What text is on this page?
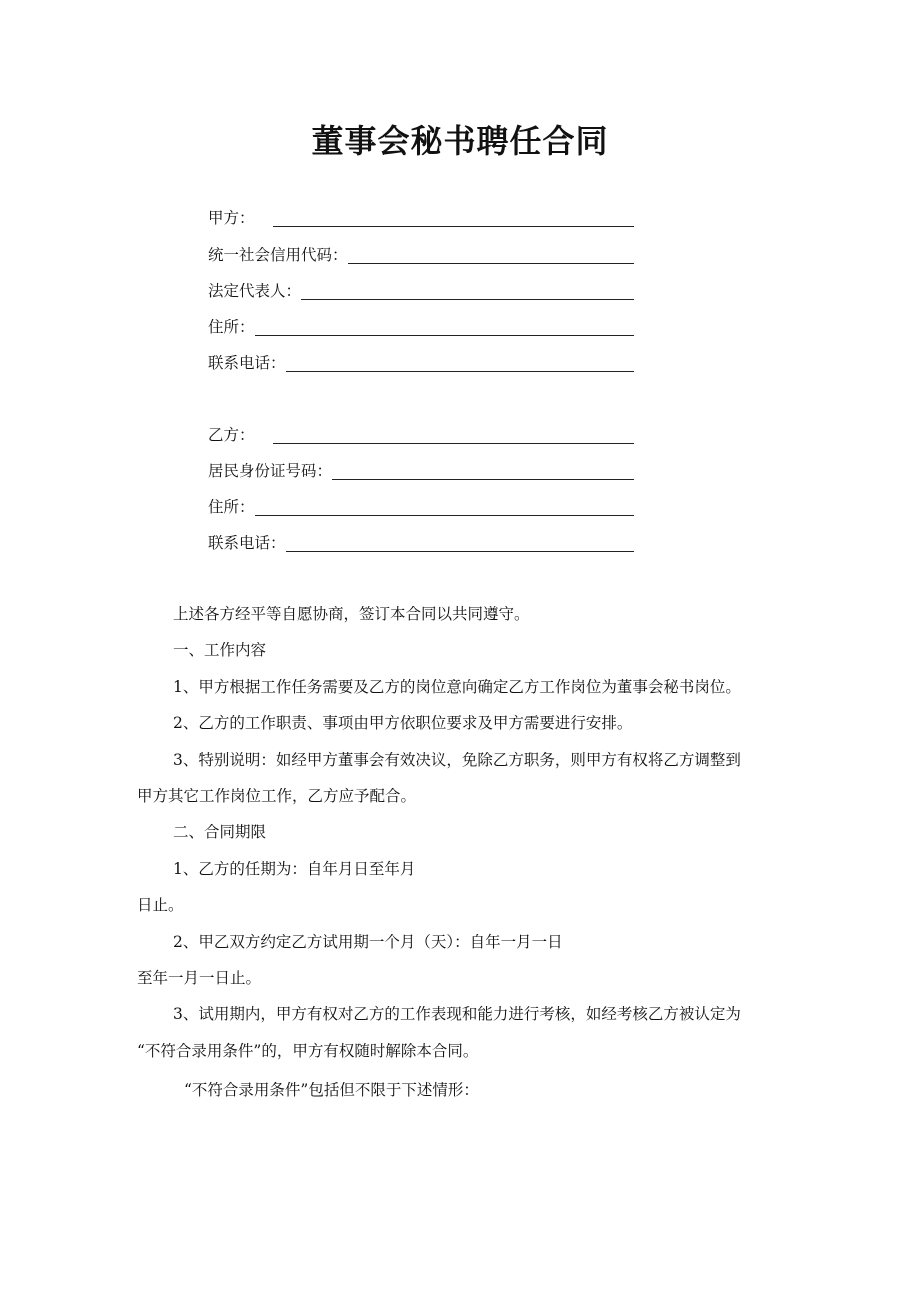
董事会秘书聘任合同
甲方：
统一社会信用代码：
法定代表人：
住所：
联系电话：
乙方：
居民身份证号码：
住所：
联系电话：
上述各方经平等自愿协商，签订本合同以共同遵守。
一、工作内容
1、甲方根据工作任务需要及乙方的岗位意向确定乙方工作岗位为董事会秘书岗位。
2、乙方的工作职责、事项由甲方依职位要求及甲方需要进行安排。
3、特别说明：如经甲方董事会有效决议，免除乙方职务，则甲方有权将乙方调整到
甲方其它工作岗位工作，乙方应予配合。
二、合同期限
1、乙方的任期为：自年月日至年月
日止。
2、甲乙双方约定乙方试用期一个月（天）：自年一月一日
至年一月一日止。
3、试用期内，甲方有权对乙方的工作表现和能力进行考核，如经考核乙方被认定为
“不符合录用条件”的，甲方有权随时解除本合同。
“不符合录用条件”包括但不限于下述情形：
